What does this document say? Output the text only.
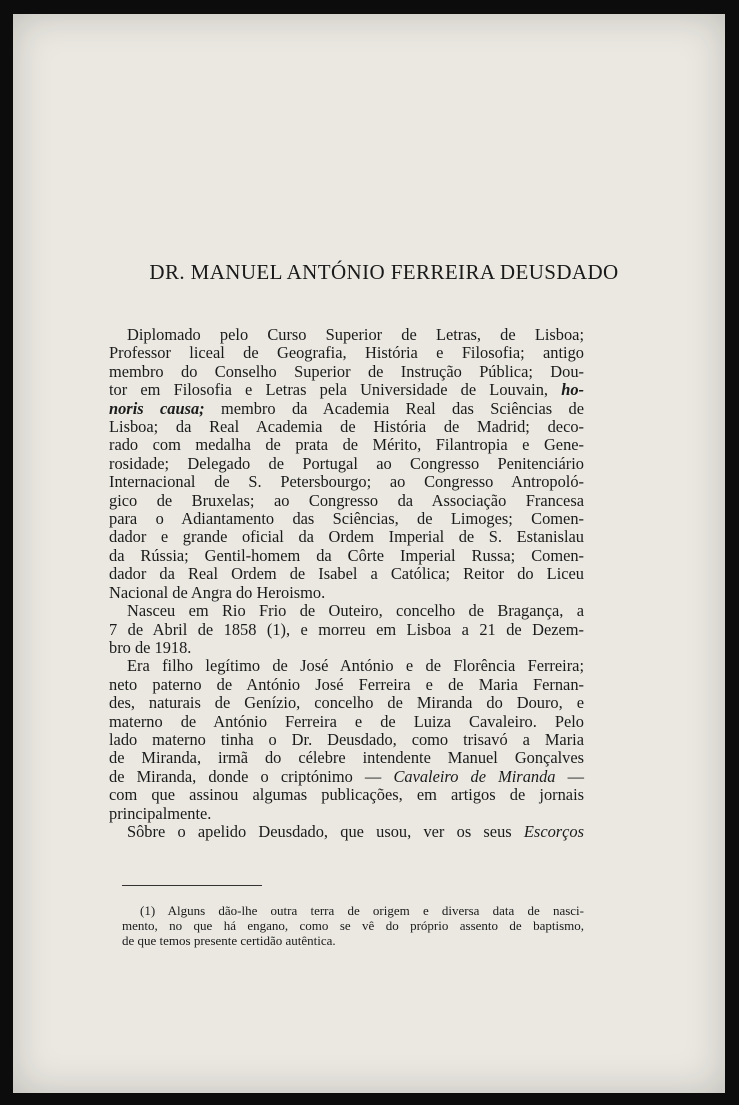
DR. MANUEL ANTÓNIO FERREIRA DEUSDADO
Diplomado pelo Curso Superior de Letras, de Lisboa;
Professor liceal de Geografia, História e Filosofia; antigo
membro do Conselho Superior de Instrução Pública; Dou-
tor em Filosofia e Letras pela Universidade de Louvain, ho-
noris causa; membro da Academia Real das Sciências de
Lisboa; da Real Academia de História de Madrid; deco-
rado com medalha de prata de Mérito, Filantropia e Gene-
rosidade; Delegado de Portugal ao Congresso Penitenciário
Internacional de S. Petersbourgo; ao Congresso Antropoló-
gico de Bruxelas; ao Congresso da Associação Francesa
para o Adiantamento das Sciências, de Limoges; Comen-
dador e grande oficial da Ordem Imperial de S. Estanislau
da Rússia; Gentil-homem da Côrte Imperial Russa; Comen-
dador da Real Ordem de Isabel a Católica; Reitor do Liceu
Nacional de Angra do Heroismo.
Nasceu em Rio Frio de Outeiro, concelho de Bragança, a
7 de Abril de 1858 (1), e morreu em Lisboa a 21 de Dezem-
bro de 1918.
Era filho legítimo de José António e de Florência Ferreira;
neto paterno de António José Ferreira e de Maria Fernan-
des, naturais de Genízio, concelho de Miranda do Douro, e
materno de António Ferreira e de Luiza Cavaleiro. Pelo
lado materno tinha o Dr. Deusdado, como trisavó a Maria
de Miranda, irmã do célebre intendente Manuel Gonçalves
de Miranda, donde o criptónimo — Cavaleiro de Miranda —
com que assinou algumas publicações, em artigos de jornais
principalmente.
Sôbre o apelido Deusdado, que usou, ver os seus Escorços
(1) Alguns dão-lhe outra terra de origem e diversa data de nasci-
mento, no que há engano, como se vê do próprio assento de baptismo,
de que temos presente certidão autêntica.
